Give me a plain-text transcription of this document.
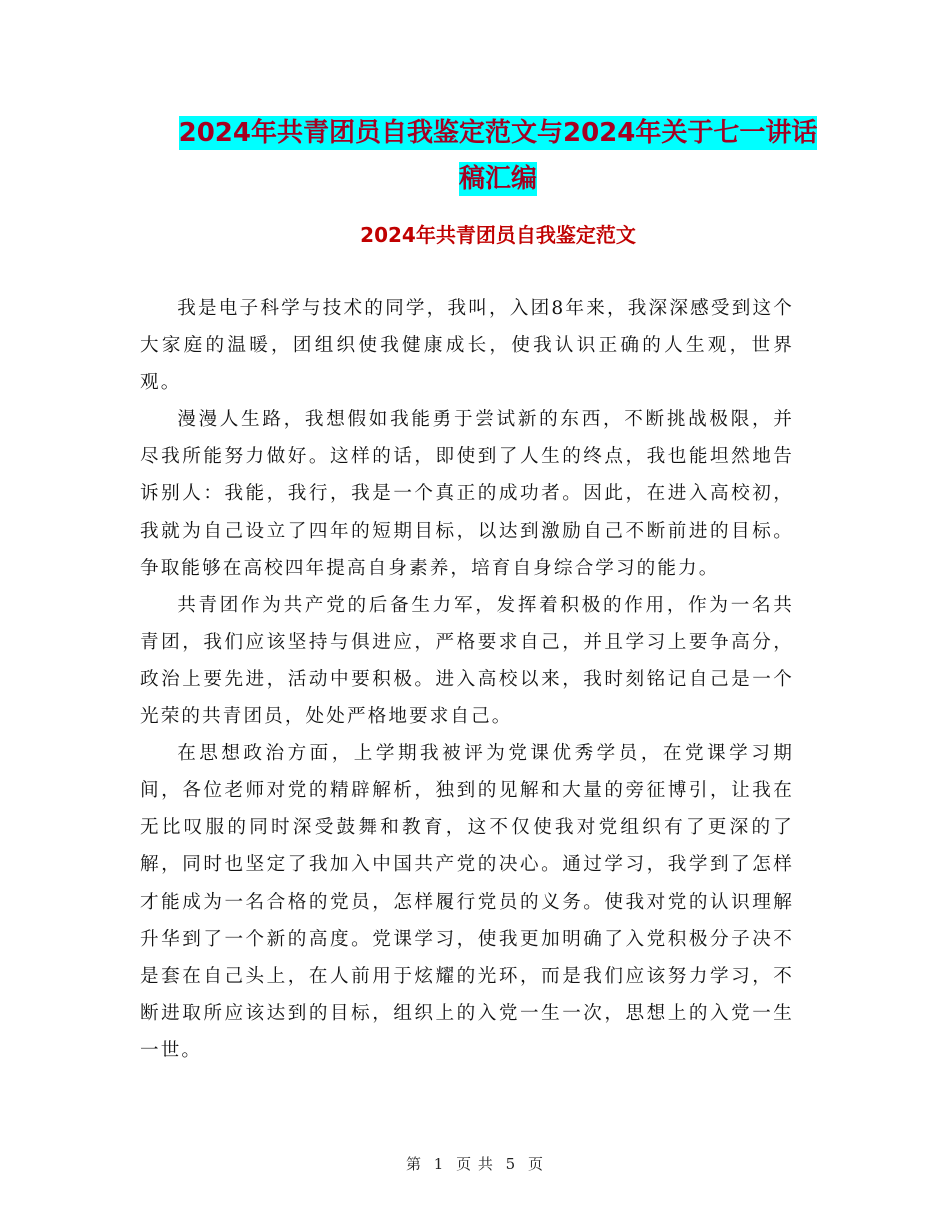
2024年共青团员自我鉴定范文与2024年关于七一讲话
稿汇编
2024年共青团员自我鉴定范文

我是电子科学与技术的同学，我叫，入团8年来，我深深感受到这个大家庭的温暖，团组织使我健康成长，使我认识正确的人生观，世界观。

漫漫人生路，我想假如我能勇于尝试新的东西，不断挑战极限，并尽我所能努力做好。这样的话，即使到了人生的终点，我也能坦然地告诉别人：我能，我行，我是一个真正的成功者。因此，在进入高校初，我就为自己设立了四年的短期目标，以达到激励自己不断前进的目标。争取能够在高校四年提高自身素养，培育自身综合学习的能力。

共青团作为共产党的后备生力军，发挥着积极的作用，作为一名共青团，我们应该坚持与俱进应，严格要求自己，并且学习上要争高分，政治上要先进，活动中要积极。进入高校以来，我时刻铭记自己是一个光荣的共青团员，处处严格地要求自己。

在思想政治方面，上学期我被评为党课优秀学员，在党课学习期间，各位老师对党的精辟解析，独到的见解和大量的旁征博引，让我在无比叹服的同时深受鼓舞和教育，这不仅使我对党组织有了更深的了解，同时也坚定了我加入中国共产党的决心。通过学习，我学到了怎样才能成为一名合格的党员，怎样履行党员的义务。使我对党的认识理解升华到了一个新的高度。党课学习，使我更加明确了入党积极分子决不是套在自己头上，在人前用于炫耀的光环，而是我们应该努力学习，不断进取所应该达到的目标，组织上的入党一生一次，思想上的入党一生一世。

第 1 页 共 5 页
